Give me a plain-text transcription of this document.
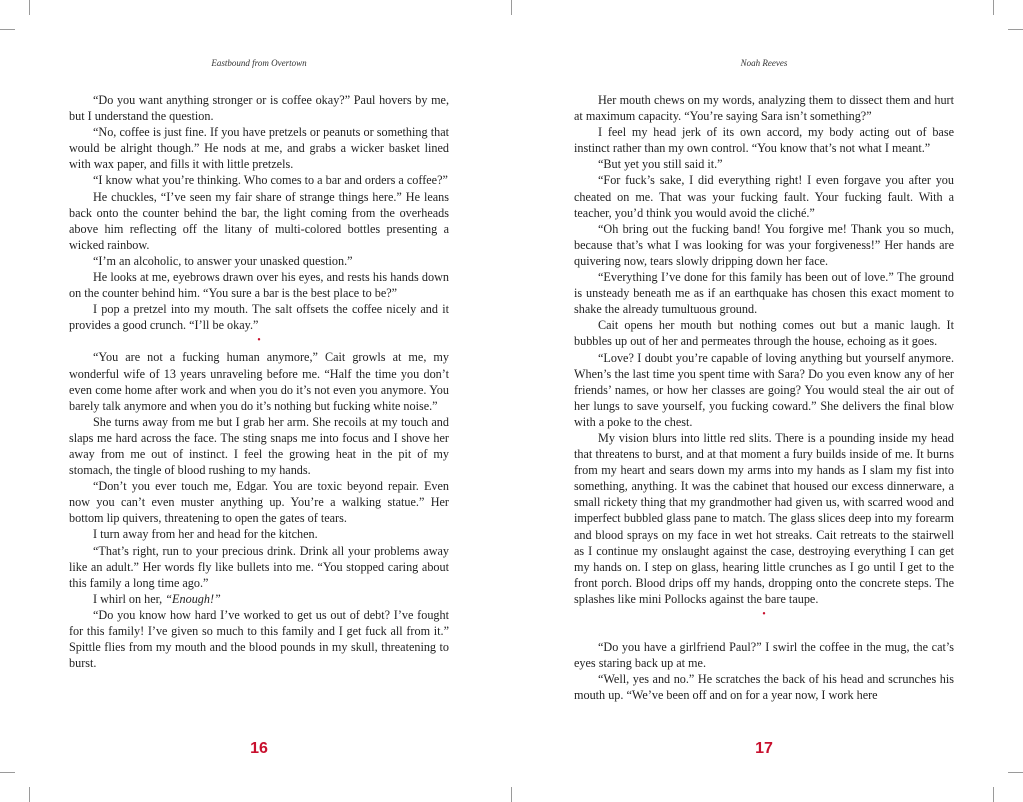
Eastbound from Overtown

“Do you want anything stronger or is coffee okay?” Paul hovers by me, but I understand the question.

“No, coffee is just fine. If you have pretzels or peanuts or something that would be alright though.” He nods at me, and grabs a wicker basket lined with wax paper, and fills it with little pretzels.

“I know what you’re thinking. Who comes to a bar and orders a coffee?”

He chuckles, “I’ve seen my fair share of strange things here.” He leans back onto the counter behind the bar, the light coming from the overheads above him reflecting off the litany of multi-colored bottles presenting a wicked rainbow.

“I’m an alcoholic, to answer your unasked question.”

He looks at me, eyebrows drawn over his eyes, and rests his hands down on the counter behind him. “You sure a bar is the best place to be?”

I pop a pretzel into my mouth. The salt offsets the coffee nicely and it provides a good crunch. “I’ll be okay.”

•

“You are not a fucking human anymore,” Cait growls at me, my wonderful wife of 13 years unraveling before me. “Half the time you don’t even come home after work and when you do it’s not even you anymore. You barely talk anymore and when you do it’s nothing but fucking white noise.”

She turns away from me but I grab her arm. She recoils at my touch and slaps me hard across the face. The sting snaps me into focus and I shove her away from me out of instinct. I feel the growing heat in the pit of my stomach, the tingle of blood rushing to my hands.

“Don’t you ever touch me, Edgar. You are toxic beyond repair. Even now you can’t even muster anything up. You’re a walking statue.” Her bottom lip quivers, threatening to open the gates of tears.

I turn away from her and head for the kitchen.

“That’s right, run to your precious drink. Drink all your problems away like an adult.” Her words fly like bullets into me. “You stopped caring about this family a long time ago.”

I whirl on her, “Enough!”

“Do you know how hard I’ve worked to get us out of debt? I’ve fought for this family! I’ve given so much to this family and I get fuck all from it.” Spittle flies from my mouth and the blood pounds in my skull, threatening to burst.

16
Noah Reeves

Her mouth chews on my words, analyzing them to dissect them and hurt at maximum capacity. “You’re saying Sara isn’t something?”

I feel my head jerk of its own accord, my body acting out of base instinct rather than my own control. “You know that’s not what I meant.”

“But yet you still said it.”

“For fuck’s sake, I did everything right! I even forgave you after you cheated on me. That was your fucking fault. Your fucking fault. With a teacher, you’d think you would avoid the cliché.”

“Oh bring out the fucking band! You forgive me! Thank you so much, because that’s what I was looking for was your forgiveness!” Her hands are quivering now, tears slowly dripping down her face.

“Everything I’ve done for this family has been out of love.” The ground is unsteady beneath me as if an earthquake has chosen this exact moment to shake the already tumultuous ground.

Cait opens her mouth but nothing comes out but a manic laugh. It bubbles up out of her and permeates through the house, echoing as it goes.

“Love? I doubt you’re capable of loving anything but yourself anymore. When’s the last time you spent time with Sara? Do you even know any of her friends’ names, or how her classes are going? You would steal the air out of her lungs to save yourself, you fucking coward.” She delivers the final blow with a poke to the chest.

My vision blurs into little red slits. There is a pounding inside my head that threatens to burst, and at that moment a fury builds inside of me. It burns from my heart and sears down my arms into my hands as I slam my fist into something, anything. It was the cabinet that housed our excess dinnerware, a small rickety thing that my grandmother had given us, with scarred wood and imperfect bubbled glass pane to match. The glass slices deep into my forearm and blood sprays on my face in wet hot streaks. Cait retreats to the stairwell as I continue my onslaught against the case, destroying everything I can get my hands on. I step on glass, hearing little crunches as I go until I get to the front porch. Blood drips off my hands, dropping onto the concrete steps. The splashes like mini Pollocks against the bare taupe.

•

“Do you have a girlfriend Paul?” I swirl the coffee in the mug, the cat’s eyes staring back up at me.

“Well, yes and no.” He scratches the back of his head and scrunches his mouth up. “We’ve been off and on for a year now, I work here

17
